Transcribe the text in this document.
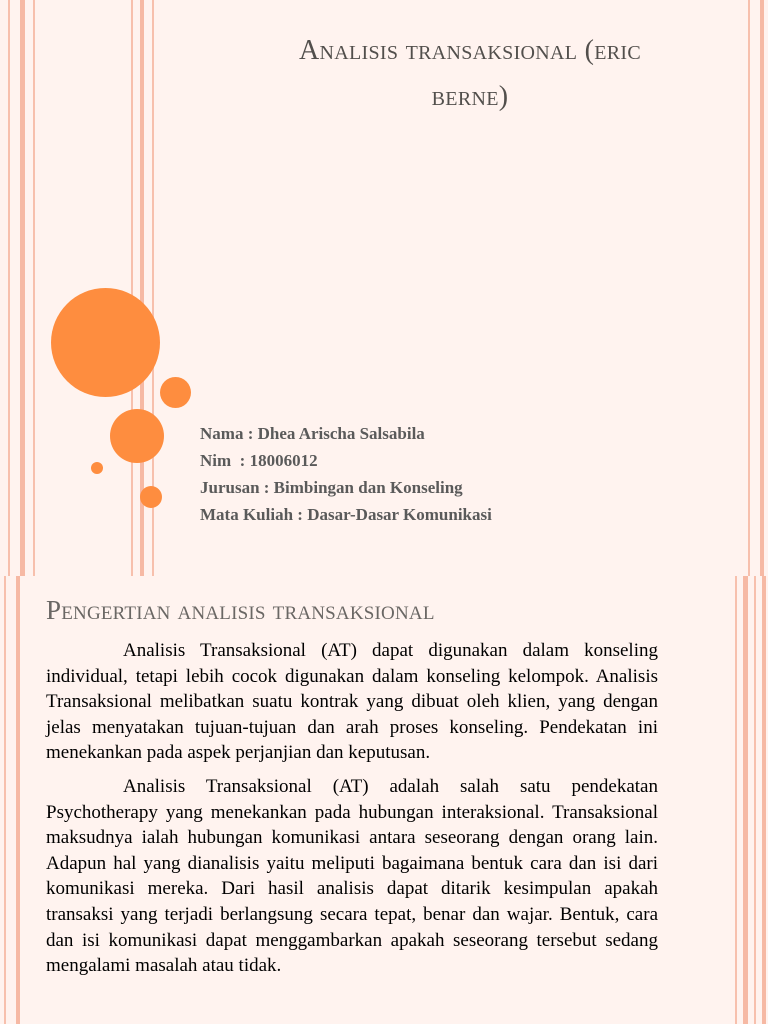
Analisis transaksional (eric
berne)
Nama : Dhea Arischa Salsabila
Nim  : 18006012
Jurusan : Bimbingan dan Konseling
Mata Kuliah : Dasar-Dasar Komunikasi
Pengertian analisis transaksional

Analisis Transaksional (AT) dapat digunakan dalam konseling individual, tetapi lebih cocok digunakan dalam konseling kelompok. Analisis Transaksional melibatkan suatu kontrak yang dibuat oleh klien, yang dengan jelas menyatakan tujuan-tujuan dan arah proses konseling. Pendekatan ini menekankan pada aspek perjanjian dan keputusan.

Analisis Transaksional (AT) adalah salah satu pendekatan Psychotherapy yang menekankan pada hubungan interaksional. Transaksional maksudnya ialah hubungan komunikasi antara seseorang dengan orang lain. Adapun hal yang dianalisis yaitu meliputi bagaimana bentuk cara dan isi dari komunikasi mereka. Dari hasil analisis dapat ditarik kesimpulan apakah transaksi yang terjadi berlangsung secara tepat, benar dan wajar. Bentuk, cara dan isi komunikasi dapat menggambarkan apakah seseorang tersebut sedang mengalami masalah atau tidak.
